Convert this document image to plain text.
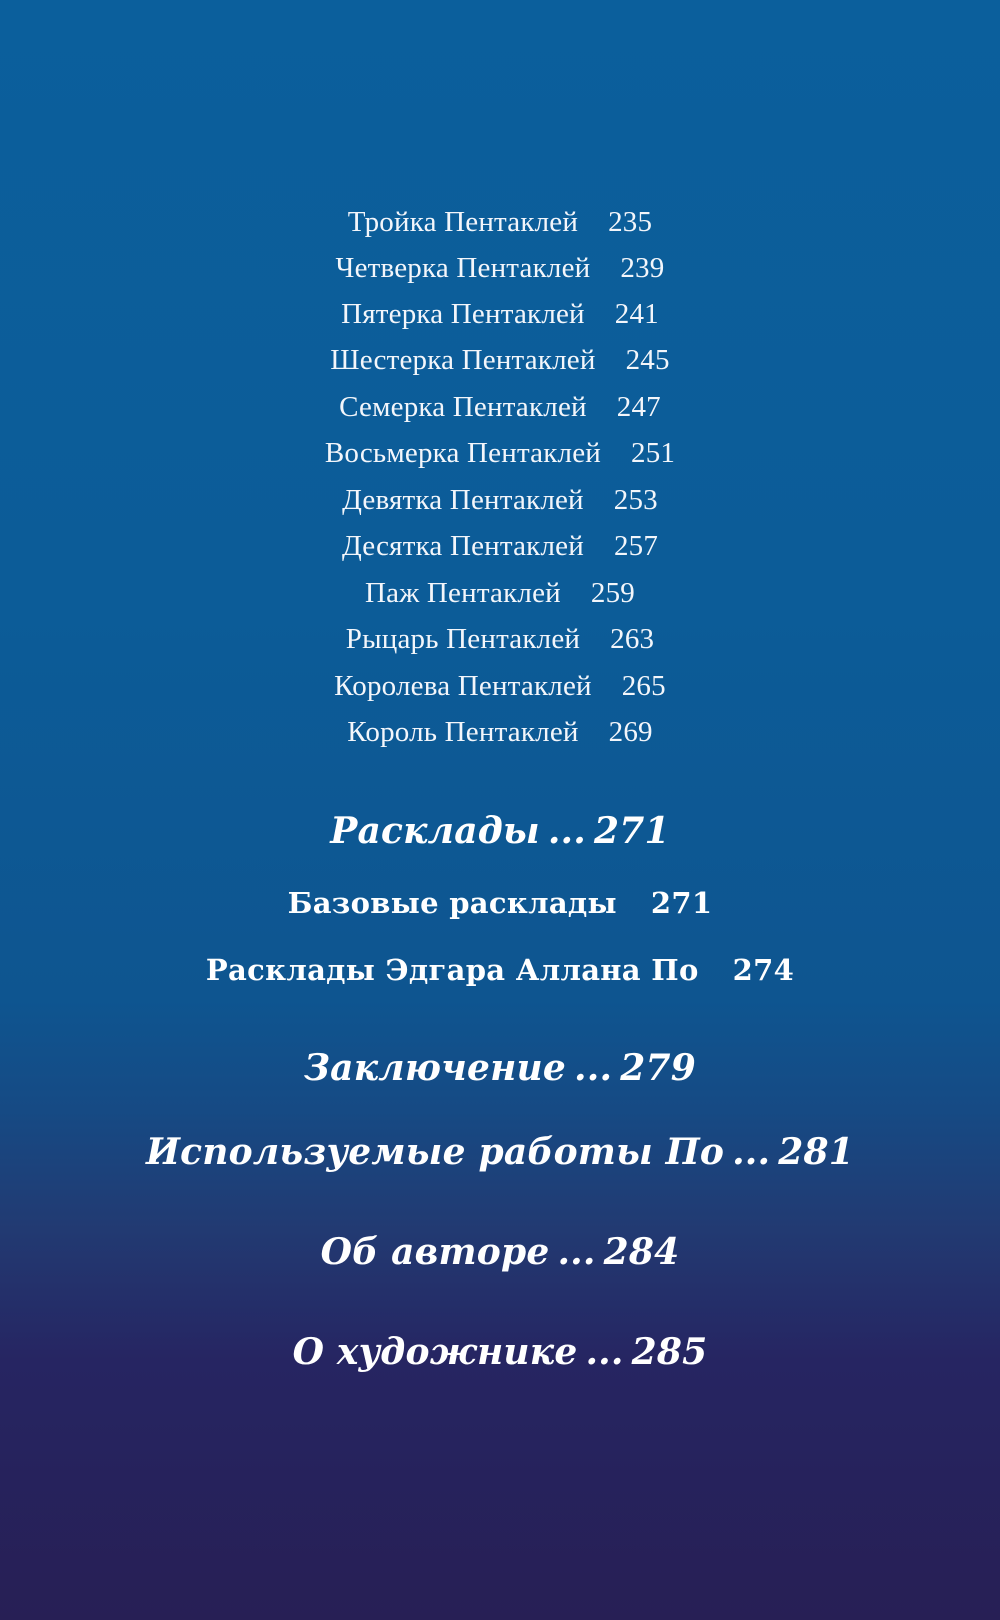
Тройка Пентаклей 235
Четверка Пентаклей 239
Пятерка Пентаклей 241
Шестерка Пентаклей 245
Семерка Пентаклей 247
Восьмерка Пентаклей 251
Девятка Пентаклей 253
Десятка Пентаклей 257
Паж Пентаклей 259
Рыцарь Пентаклей 263
Королева Пентаклей 265
Король Пентаклей 269
Расклады ... 271
Базовые расклады 271
Расклады Эдгара Аллана По 274
Заключение ... 279
Используемые работы По ... 281
Об авторе ... 284
О художнике ... 285
